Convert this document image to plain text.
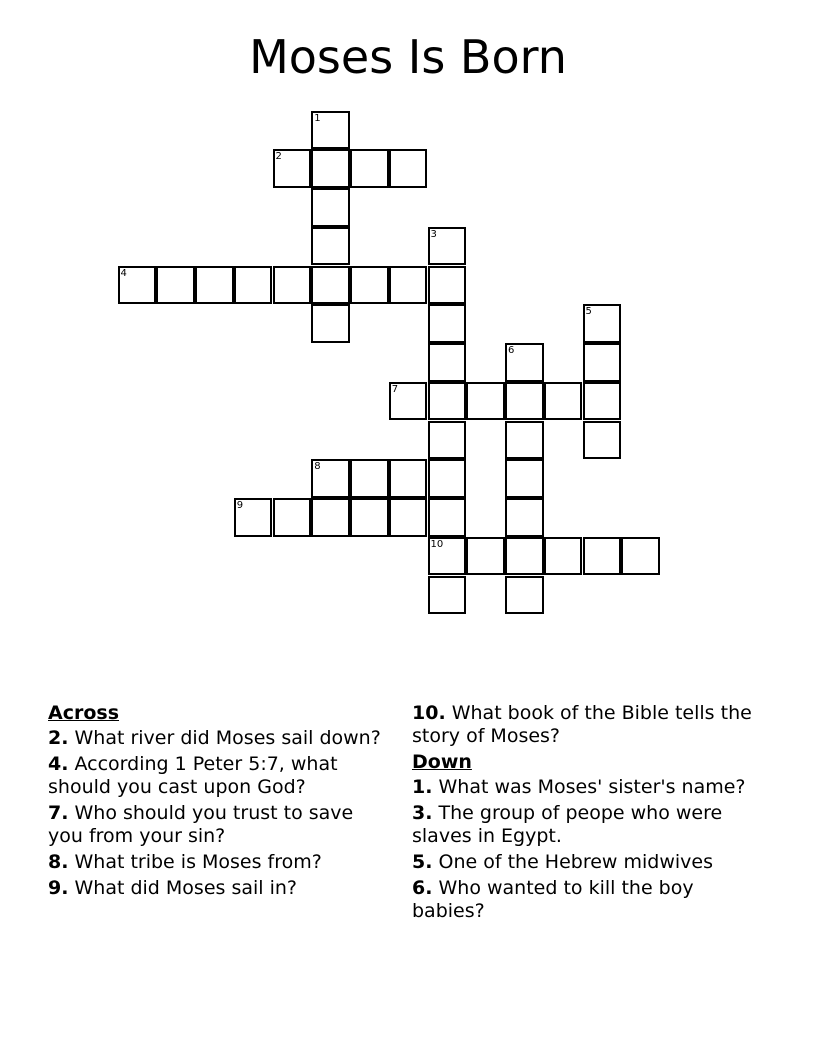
Moses Is Born
1
2
3
4
5
6
7
8
9
10
Across
2. What river did Moses sail down?
4. According 1 Peter 5:7, what should you cast upon God?
7. Who should you trust to save you from your sin?
8. What tribe is Moses from?
9. What did Moses sail in?
10. What book of the Bible tells the story of Moses?
Down
1. What was Moses' sister's name?
3. The group of peope who were slaves in Egypt.
5. One of the Hebrew midwives
6. Who wanted to kill the boy babies?
